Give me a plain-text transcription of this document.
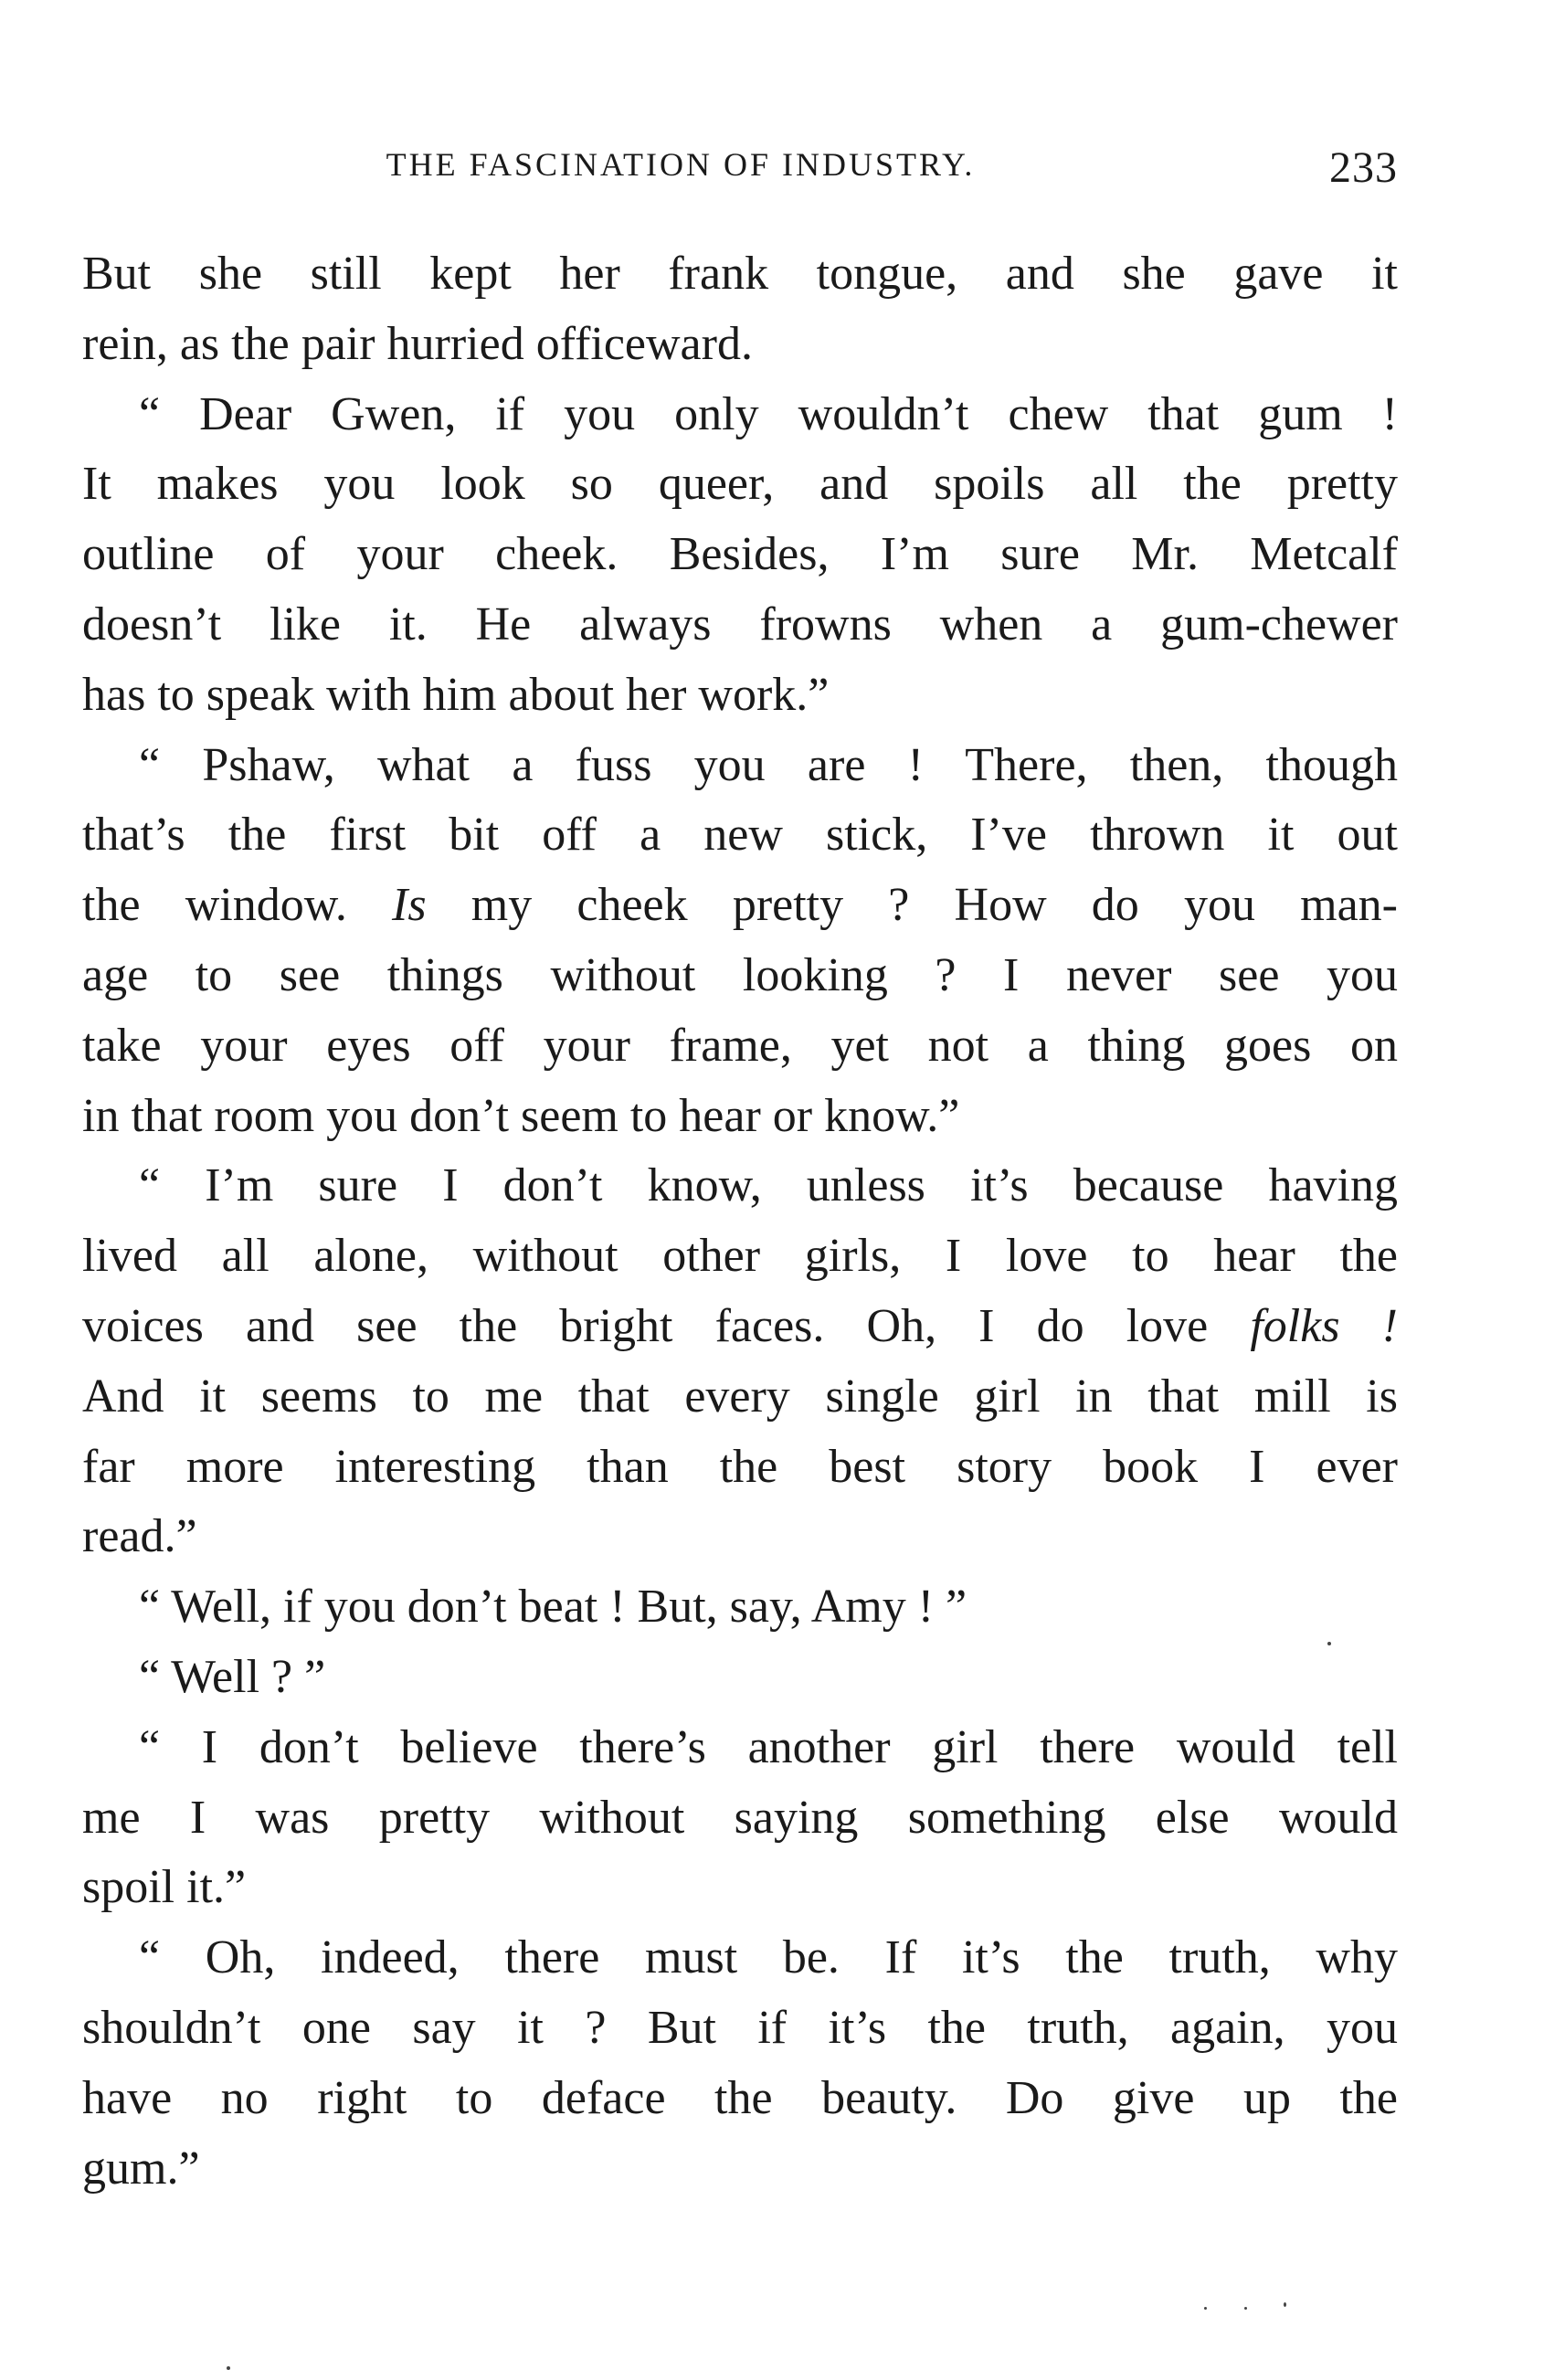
THE FASCINATION OF INDUSTRY.	233
But she still kept her frank tongue, and she gave it
rein, as the pair hurried officeward.
“ Dear Gwen, if you only wouldn’t chew that gum !
It makes you look so queer, and spoils all the pretty
outline of your cheek. Besides, I’m sure Mr. Metcalf
doesn’t like it. He always frowns when a gum-chewer
has to speak with him about her work.”
“ Pshaw, what a fuss you are ! There, then, though
that’s the first bit off a new stick, I’ve thrown it out
the window. Is my cheek pretty ? How do you man-
age to see things without looking ? I never see you
take your eyes off your frame, yet not a thing goes on
in that room you don’t seem to hear or know.”
“ I’m sure I don’t know, unless it’s because having
lived all alone, without other girls, I love to hear the
voices and see the bright faces. Oh, I do love folks !
And it seems to me that every single girl in that mill is
far more interesting than the best story book I ever
read.”
“ Well, if you don’t beat ! But, say, Amy ! ”
“ Well ? ”
“ I don’t believe there’s another girl there would tell
me I was pretty without saying something else would
spoil it.”
“ Oh, indeed, there must be. If it’s the truth, why
shouldn’t one say it ? But if it’s the truth, again, you
have no right to deface the beauty. Do give up the
gum.”
